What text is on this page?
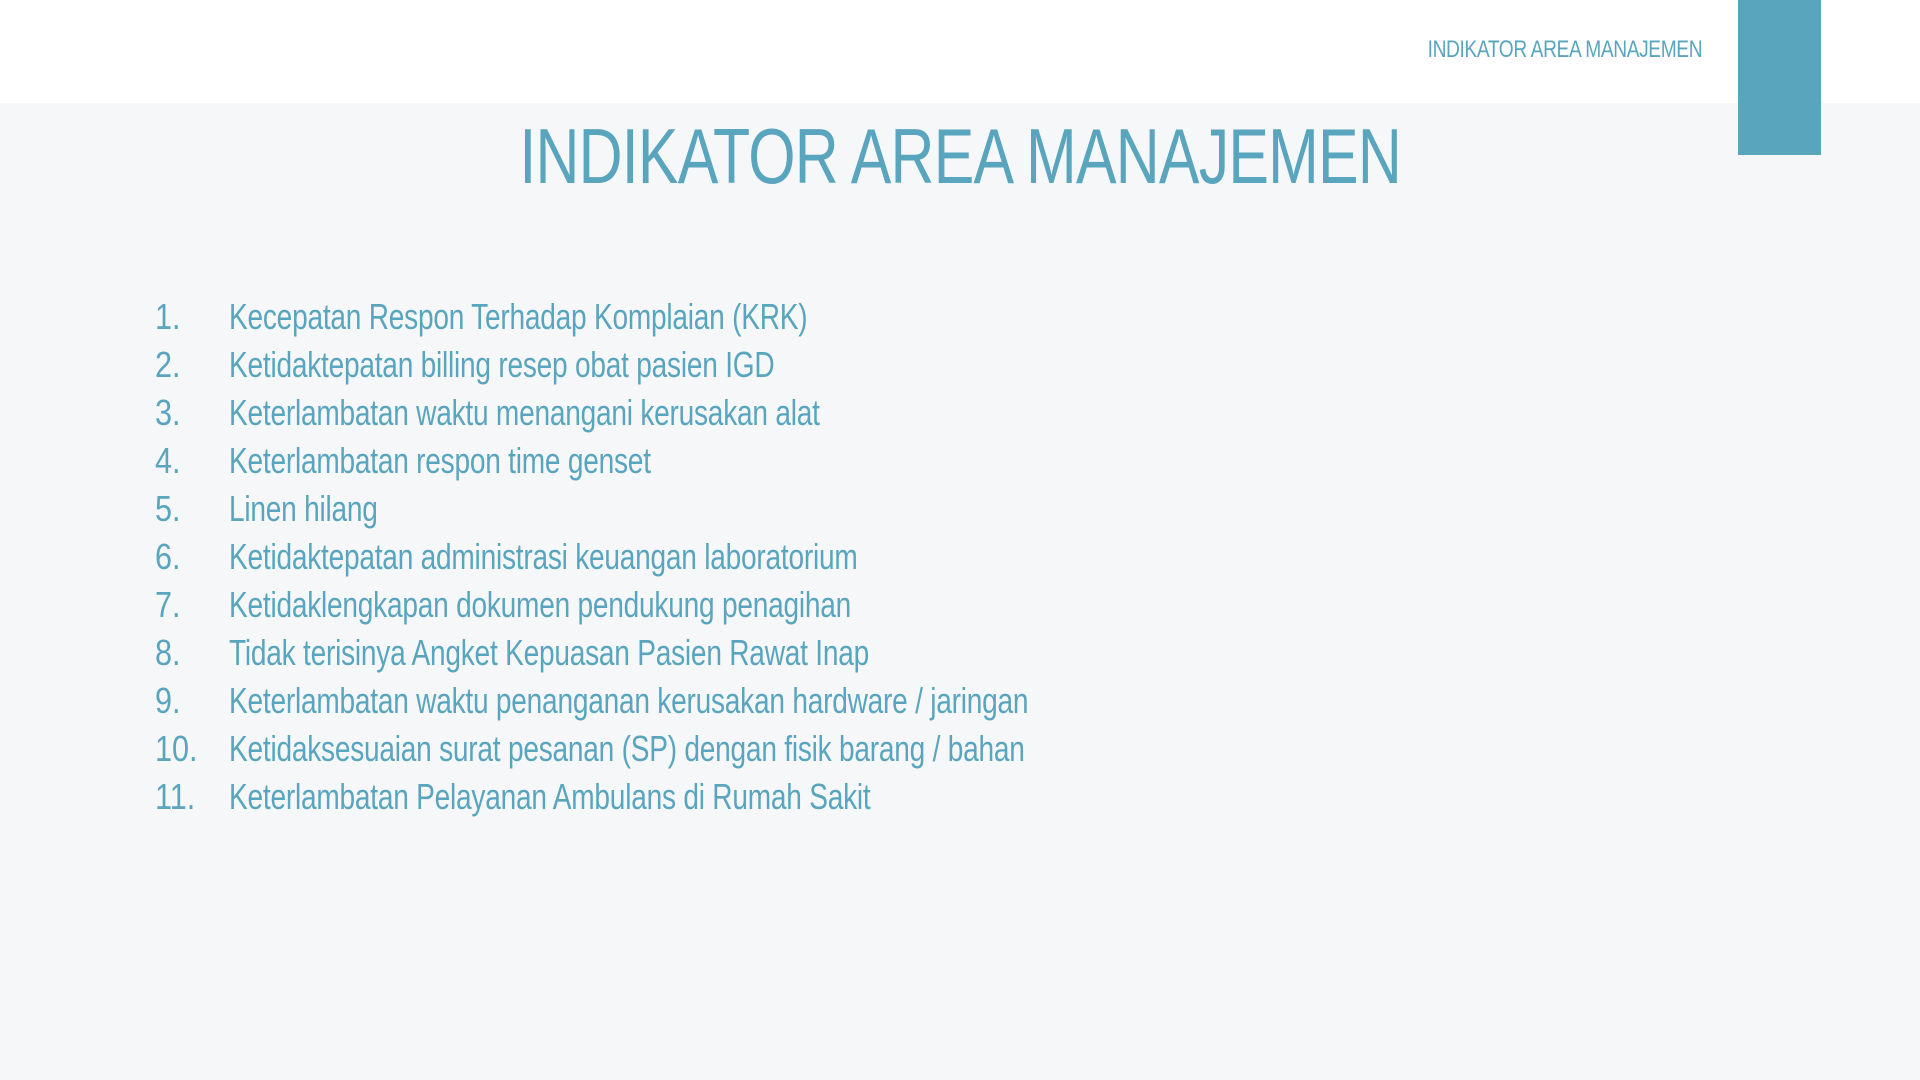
INDIKATOR AREA MANAJEMEN
INDIKATOR AREA MANAJEMEN
1.	Kecepatan Respon Terhadap Komplaian (KRK)
2.	Ketidaktepatan billing resep obat pasien IGD
3.	Keterlambatan waktu menangani kerusakan alat
4.	Keterlambatan respon time genset
5.	Linen hilang
6.	Ketidaktepatan administrasi keuangan laboratorium
7.	Ketidaklengkapan dokumen pendukung penagihan
8.	Tidak terisinya Angket Kepuasan Pasien Rawat Inap
9.	Keterlambatan waktu penanganan kerusakan hardware / jaringan
10. Ketidaksesuaian surat pesanan (SP) dengan fisik barang / bahan
11. Keterlambatan Pelayanan Ambulans di Rumah Sakit
